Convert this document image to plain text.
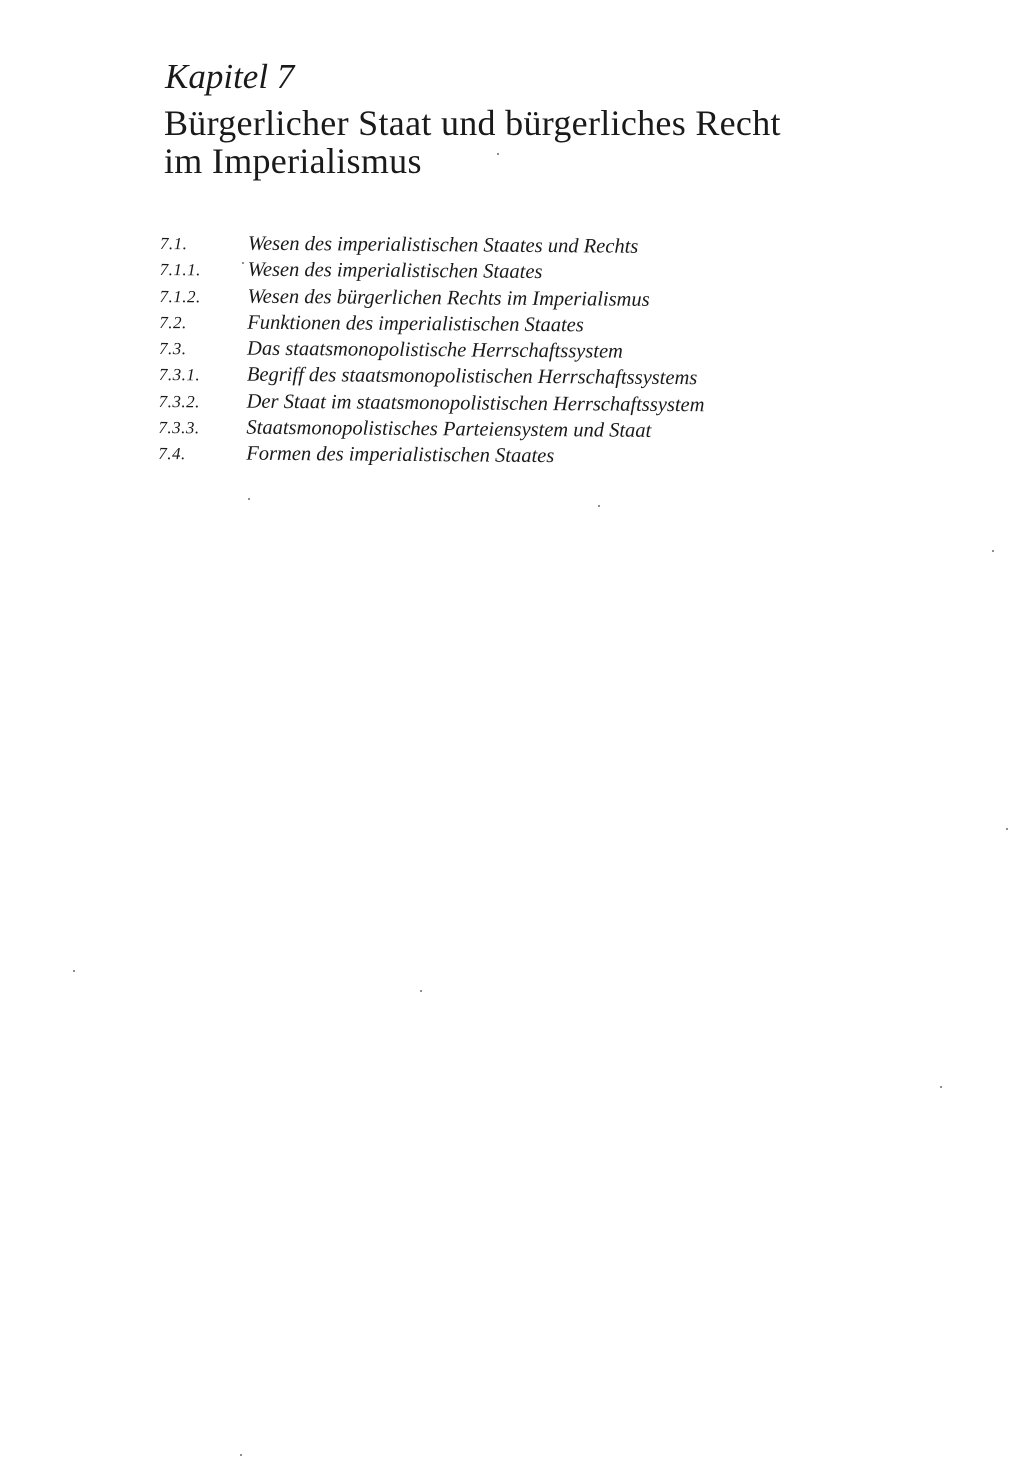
Kapitel 7
Bürgerlicher Staat und bürgerliches Recht
im Imperialismus
7.1.	Wesen des imperialistischen Staates und Rechts
7.1.1.	Wesen des imperialistischen Staates
7.1.2.	Wesen des bürgerlichen Rechts im Imperialismus
7.2.	Funktionen des imperialistischen Staates
7.3.	Das staatsmonopolistische Herrschaftssystem
7.3.1.	Begriff des staatsmonopolistischen Herrschaftssystems
7.3.2.	Der Staat im staatsmonopolistischen Herrschaftssystem
7.3.3.	Staatsmonopolistisches Parteiensystem und Staat
7.4.	Formen des imperialistischen Staates
